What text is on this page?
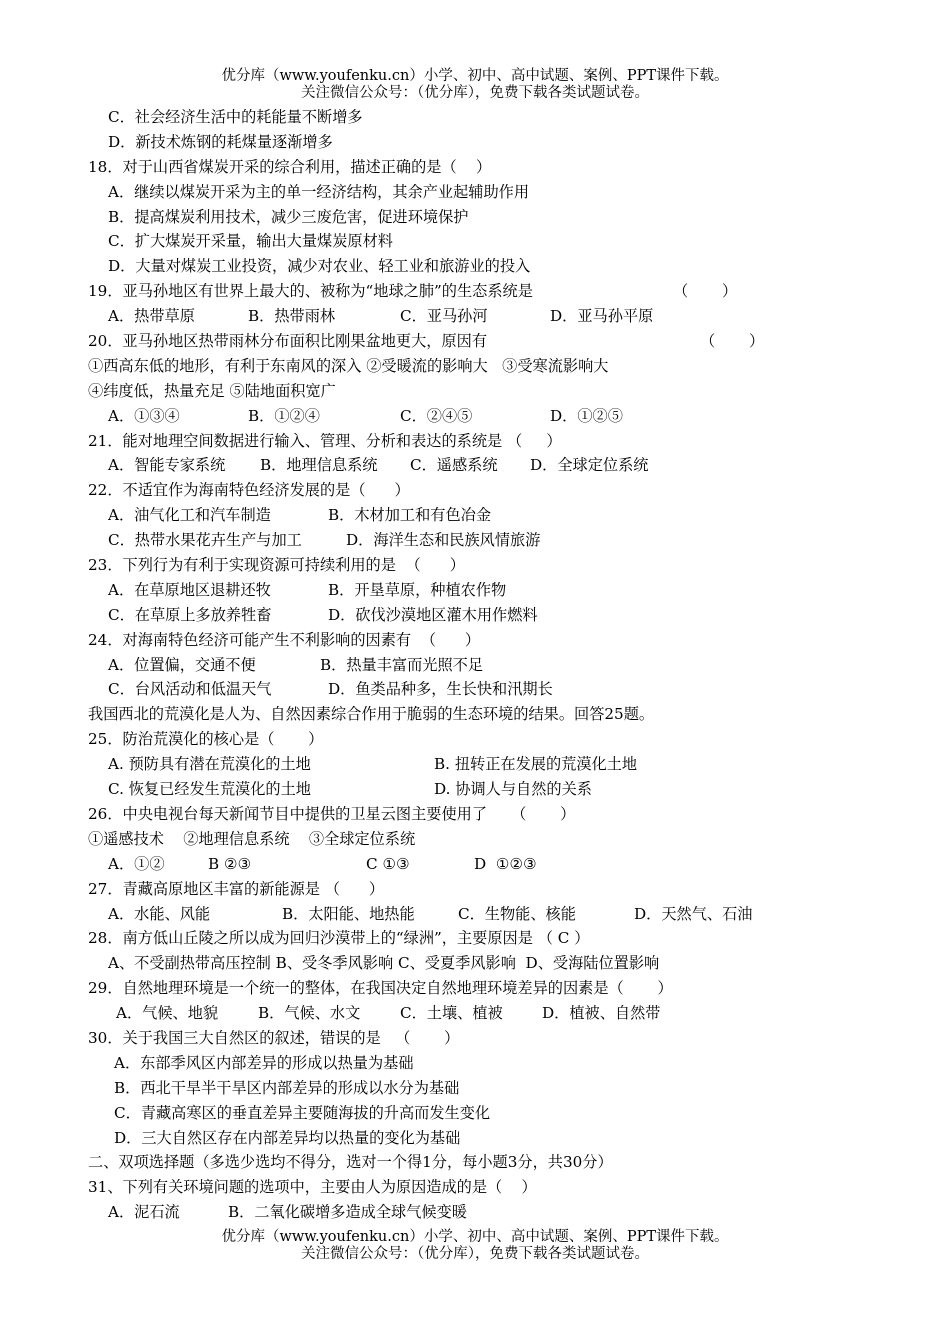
优分库（www.youfenku.cn）小学、初中、高中试题、案例、PPT课件下载。
关注微信公众号：（优分库），免费下载各类试题试卷。
C．社会经济生活中的耗能量不断增多
D．新技术炼钢的耗煤量逐渐增多
18．对于山西省煤炭开采的综合利用，描述正确的是（    ）
A．继续以煤炭开采为主的单一经济结构，其余产业起辅助作用
B．提高煤炭利用技术，减少三废危害，促进环境保护
C．扩大煤炭开采量，输出大量煤炭原材料
D．大量对煤炭工业投资，减少对农业、轻工业和旅游业的投入

19．亚马孙地区有世界上最大的、被称为“地球之肺”的生态系统是

	（       ）

A．热带草原

	B．热带雨林

	C．亚马孙河

	D．亚马孙平原

20．亚马孙地区热带雨林分布面积比刚果盆地更大，原因有

	（       ）

①西高东低的地形，有利于东南风的深入 ②受暖流的影响大   ③受寒流影响大
④纬度低，热量充足 ⑤陆地面积宽广

A．①③④

	B．①②④

	C．②④⑤

	D．①②⑤

21．能对地理空间数据进行输入、管理、分析和表达的系统是 （     ）

A．智能专家系统

B．地理信息系统

C．遥感系统

D．全球定位系统

22．不适宜作为海南特色经济发展的是（      ）

A．油气化工和汽车制造

	B．木材加工和有色冶金

C．热带水果花卉生产与加工

	D．海洋生态和民族风情旅游

23．下列行为有利于实现资源可持续利用的是  （      ）

A．在草原地区退耕还牧

	B．开垦草原，种植农作物

C．在草原上多放养牲畜

	D．砍伐沙漠地区灌木用作燃料

24．对海南特色经济可能产生不利影响的因素有  （      ）

A．位置偏，交通不便

	B．热量丰富而光照不足

C．台风活动和低温天气

	D．鱼类品种多，生长快和汛期长

我国西北的荒漠化是人为、自然因素综合作用于脆弱的生态环境的结果。回答25题。
25．防治荒漠化的核心是（       ）

A. 预防具有潜在荒漠化的土地

	B. 扭转正在发展的荒漠化土地

C. 恢复已经发生荒漠化的土地

	D. 协调人与自然的关系

26．中央电视台每天新闻节目中提供的卫星云图主要使用了     （       ）
①遥感技术    ②地理信息系统    ③全球定位系统

A．①②

	B ②③

	C ①③

	D  ①②③

27．青藏高原地区丰富的新能源是 （      ）

A．水能、风能

	B．太阳能、地热能

	C．生物能、核能

	D．天然气、石油

28．南方低山丘陵之所以成为回归沙漠带上的“绿洲”，主要原因是 （ C ）
A、不受副热带高压控制 B、受冬季风影响 C、受夏季风影响  D、受海陆位置影响
29．自然地理环境是一个统一的整体，在我国决定自然地理环境差异的因素是（       ）

A．气候、地貌

	B．气候、水文

	C．土壤、植被

	D．植被、自然带

30．关于我国三大自然区的叙述，错误的是   （       ）
A．东部季风区内部差异的形成以热量为基础
B．西北干旱半干旱区内部差异的形成以水分为基础
C．青藏高寒区的垂直差异主要随海拔的升高而发生变化
D．三大自然区存在内部差异均以热量的变化为基础
二、双项选择题（多选少选均不得分，选对一个得1分，每小题3分，共30分）
31、下列有关环境问题的选项中，主要由人为原因造成的是（    ）

A．泥石流

	B．二氧化碳增多造成全球气候变暖

优分库（www.youfenku.cn）小学、初中、高中试题、案例、PPT课件下载。
关注微信公众号：（优分库），免费下载各类试题试卷。
